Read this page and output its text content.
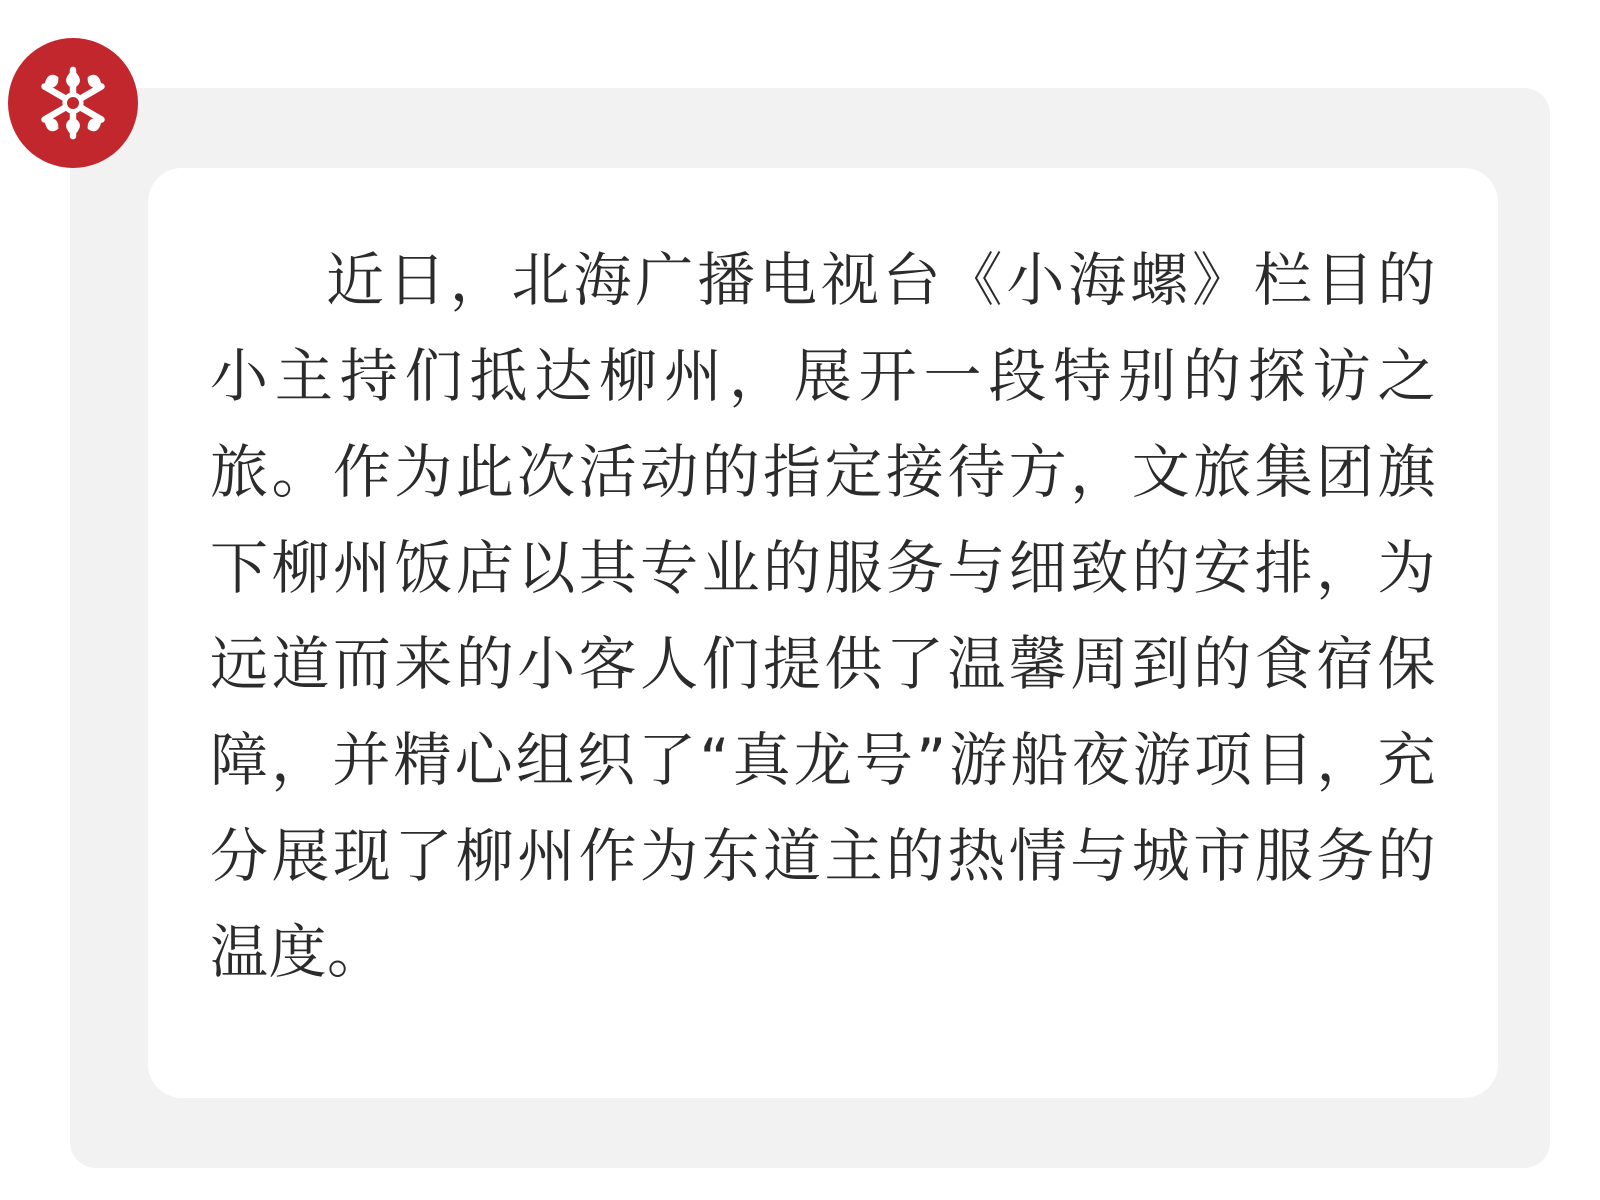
近日，北海广播电视台《小海螺》栏目的小主持们抵达柳州，展开一段特别的探访之旅。作为此次活动的指定接待方，文旅集团旗下柳州饭店以其专业的服务与细致的安排，为远道而来的小客人们提供了温馨周到的食宿保障，并精心组织了“真龙号”游船夜游项目，充分展现了柳州作为东道主的热情与城市服务的温度。
